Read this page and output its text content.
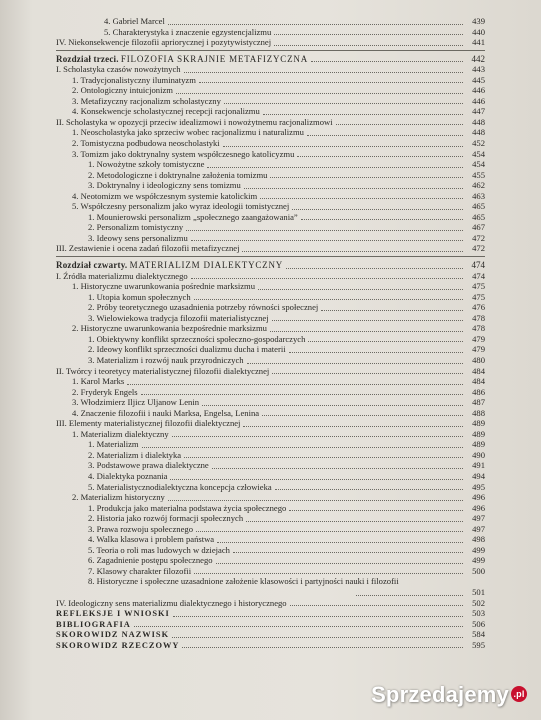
4. Gabriel Marcel	439
5. Charakterystyka i znaczenie egzystencjalizmu	440
IV. Niekonsekwencje filozofii apriorycznej i pozytywistycznej	441
Rozdział trzeci. FILOZOFIA SKRAJNIE METAFIZYCZNA	442
I. Scholastyka czasów nowożytnych	443
1. Tradycjonalistyczny iluminatyzm	445
2. Ontologiczny intuicjonizm	446
3. Metafizyczny racjonalizm scholastyczny	446
4. Konsekwencje scholastycznej recepcji racjonalizmu	447
II. Scholastyka w opozycji przeciw idealizmowi i nowożytnemu racjonalizmowi	448
1. Neoscholastyka jako sprzeciw wobec racjonalizmu i naturalizmu	448
2. Tomistyczna podbudowa neoscholastyki	452
3. Tomizm jako doktrynalny system współczesnego katolicyzmu	454
1. Nowożytne szkoły tomistyczne	454
2. Metodologiczne i doktrynalne założenia tomizmu	455
3. Doktrynalny i ideologiczny sens tomizmu	462
4. Neotomizm we współczesnym systemie katolickim	463
5. Współczesny personalizm jako wyraz ideologii tomistycznej	465
1. Mounierowski personalizm „społecznego zaangażowania”	465
2. Personalizm tomistyczny	467
3. Ideowy sens personalizmu	472
III. Zestawienie i ocena zadań filozofii metafizycznej	472
Rozdział czwarty. MATERIALIZM DIALEKTYCZNY	474
I. Źródła materializmu dialektycznego	474
1. Historyczne uwarunkowania pośrednie marksizmu	475
1. Utopia komun społecznych	475
2. Próby teoretycznego uzasadnienia potrzeby równości społecznej	476
3. Wielowiekowa tradycja filozofii materialistycznej	478
2. Historyczne uwarunkowania bezpośrednie marksizmu	478
1. Obiektywny konflikt sprzeczności społeczno-gospodarczych	479
2. Ideowy konflikt sprzeczności dualizmu ducha i materii	479
3. Materializm i rozwój nauk przyrodniczych	480
II. Twórcy i teoretycy materialistycznej filozofii dialektycznej	484
1. Karol Marks	484
2. Fryderyk Engels	486
3. Włodzimierz Iljicz Uljanow Lenin	487
4. Znaczenie filozofii i nauki Marksa, Engelsa, Lenina	488
III. Elementy materialistycznej filozofii dialektycznej	489
1. Materializm dialektyczny	489
1. Materializm	489
2. Materializm i dialektyka	490
3. Podstawowe prawa dialektyczne	491
4. Dialektyka poznania	494
5. Materialistycznodialektyczna koncepcja człowieka	495
2. Materializm historyczny	496
1. Produkcja jako materialna podstawa życia społecznego	496
2. Historia jako rozwój formacji społecznych	497
3. Prawa rozwoju społecznego	497
4. Walka klasowa i problem państwa	498
5. Teoria o roli mas ludowych w dziejach	499
6. Zagadnienie postępu społecznego	499
7. Klasowy charakter filozofii	500
8. Historyczne i społeczne uzasadnione założenie klasowości i partyjności nauki i filozofii
501
IV. Ideologiczny sens materializmu dialektycznego i historycznego	502
REFLEKSJE I WNIOSKI	503
BIBLIOGRAFIA	506
SKOROWIDZ NAZWISK	584
SKOROWIDZ RZECZOWY	595
Sprzedajemy .pl
